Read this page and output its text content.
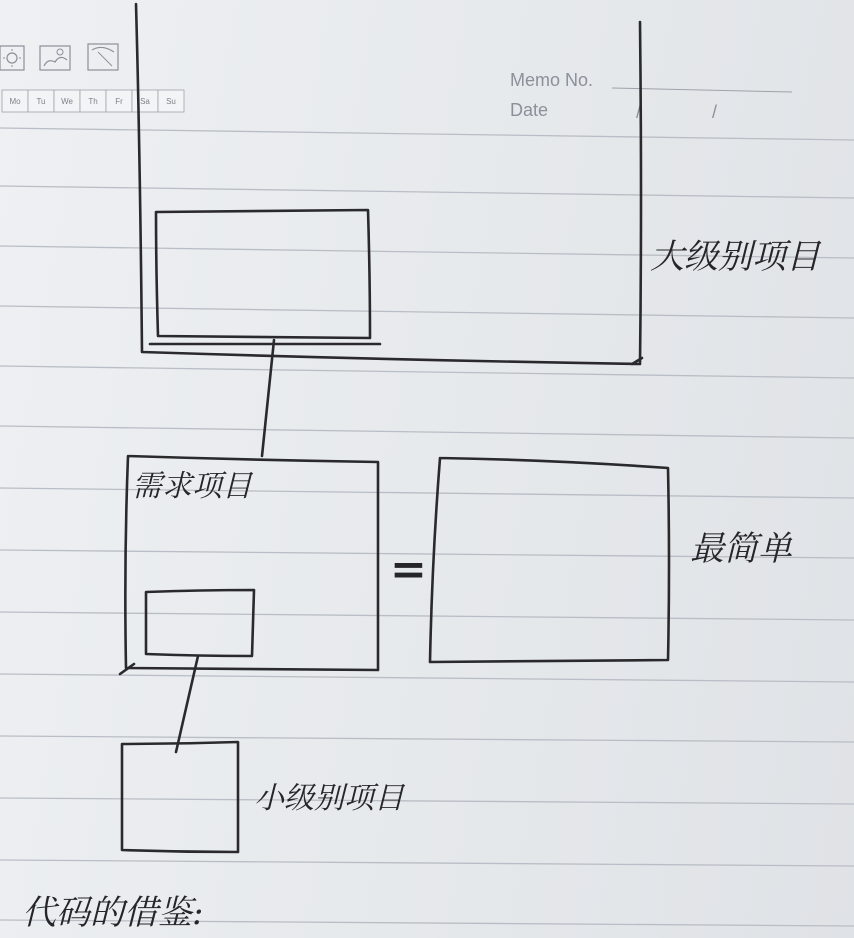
Mo Tu We Th Fr Sa Su
Memo No.
Date	/	/
大级别项目
需求项目
=	最简单
小级别项目
代码的借鉴:
